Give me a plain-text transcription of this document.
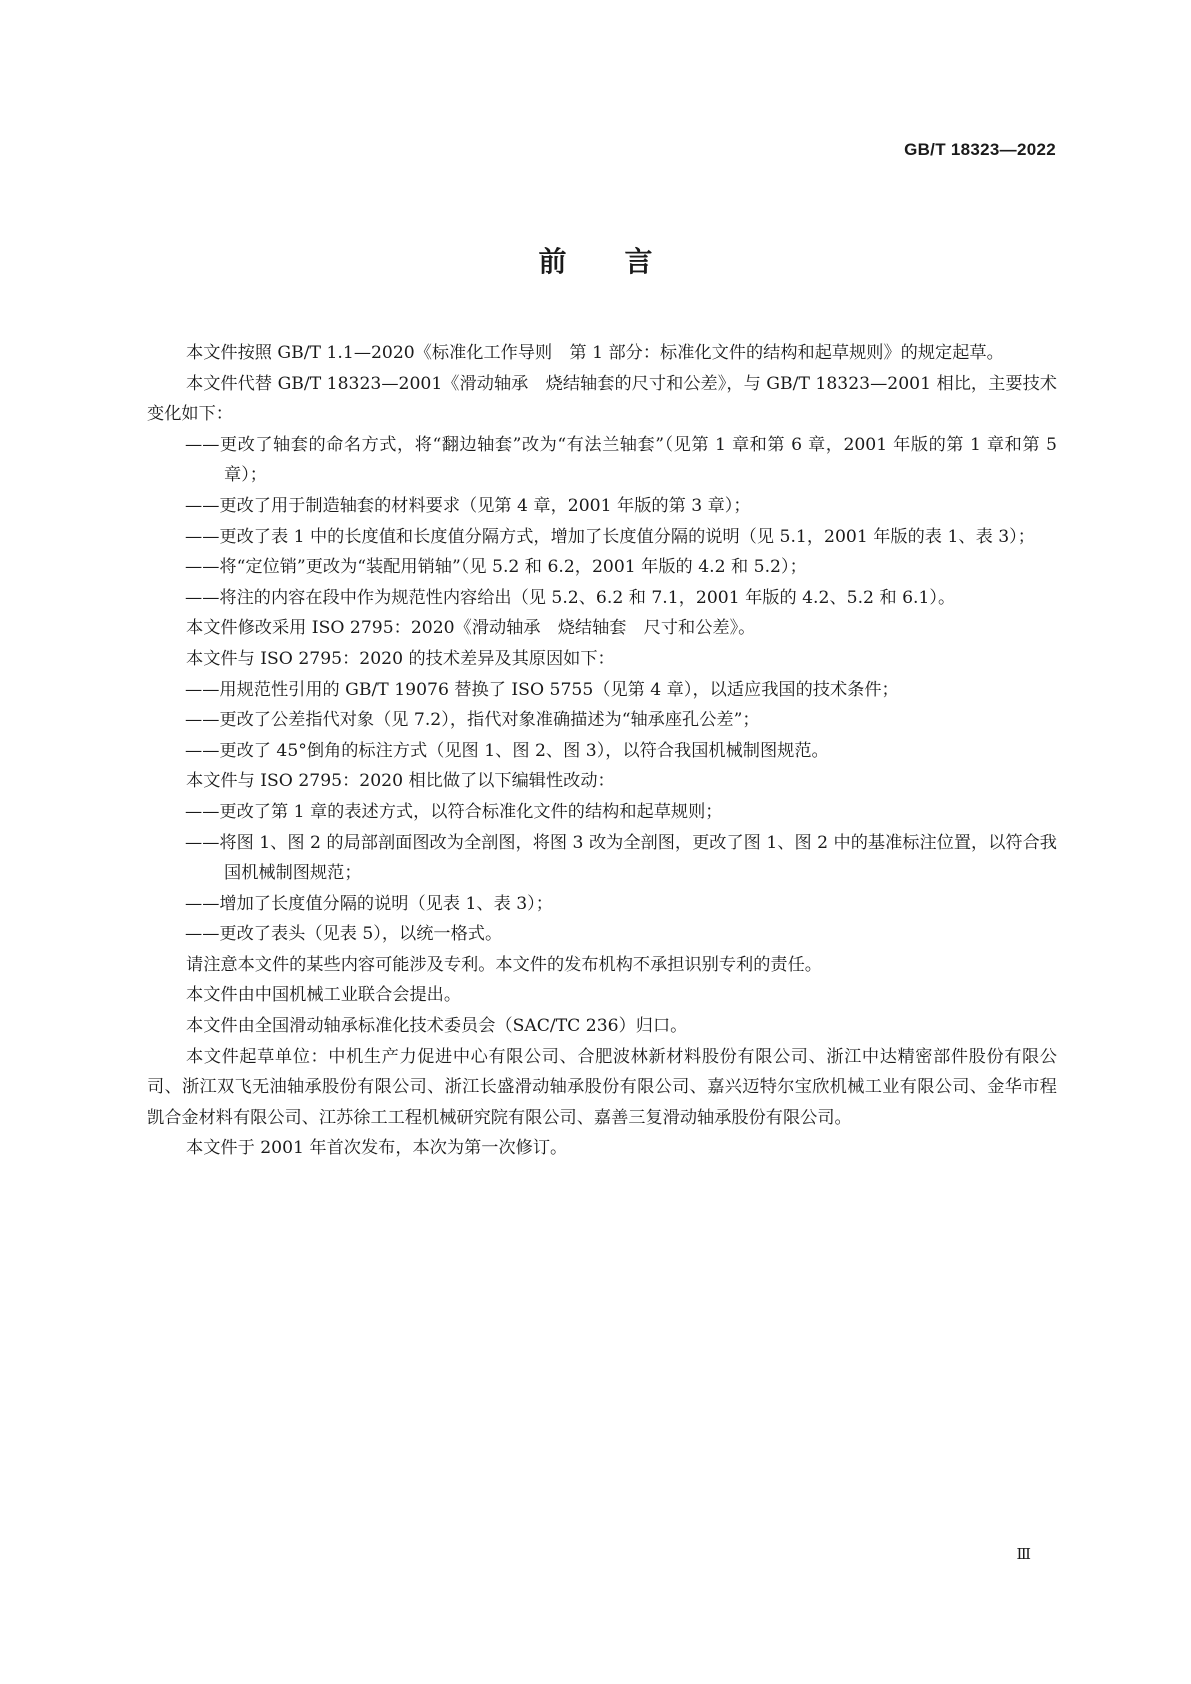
GB/T 18323—2022
前言

本文件按照 GB/T 1.1—2020《标准化工作导则　第 1 部分：标准化文件的结构和起草规则》的规定起草。

本文件代替 GB/T 18323—2001《滑动轴承　烧结轴套的尺寸和公差》，与 GB/T 18323—2001 相比，主要技术变化如下：

——更改了轴套的命名方式，将“翻边轴套”改为“有法兰轴套”（见第 1 章和第 6 章，2001 年版的第 1 章和第 5 章）；

——更改了用于制造轴套的材料要求（见第 4 章，2001 年版的第 3 章）；

——更改了表 1 中的长度值和长度值分隔方式，增加了长度值分隔的说明（见 5.1，2001 年版的表 1、表 3）；

——将“定位销”更改为“装配用销轴”（见 5.2 和 6.2，2001 年版的 4.2 和 5.2）；

——将注的内容在段中作为规范性内容给出（见 5.2、6.2 和 7.1，2001 年版的 4.2、5.2 和 6.1）。

本文件修改采用 ISO 2795：2020《滑动轴承　烧结轴套　尺寸和公差》。

本文件与 ISO 2795：2020 的技术差异及其原因如下：

——用规范性引用的 GB/T 19076 替换了 ISO 5755（见第 4 章），以适应我国的技术条件；

——更改了公差指代对象（见 7.2），指代对象准确描述为“轴承座孔公差”；

——更改了 45°倒角的标注方式（见图 1、图 2、图 3），以符合我国机械制图规范。

本文件与 ISO 2795：2020 相比做了以下编辑性改动：

——更改了第 1 章的表述方式，以符合标准化文件的结构和起草规则；

——将图 1、图 2 的局部剖面图改为全剖图，将图 3 改为全剖图，更改了图 1、图 2 中的基准标注位置，以符合我国机械制图规范；

——增加了长度值分隔的说明（见表 1、表 3）；

——更改了表头（见表 5），以统一格式。

请注意本文件的某些内容可能涉及专利。本文件的发布机构不承担识别专利的责任。

本文件由中国机械工业联合会提出。

本文件由全国滑动轴承标准化技术委员会（SAC/TC 236）归口。

本文件起草单位：中机生产力促进中心有限公司、合肥波林新材料股份有限公司、浙江中达精密部件股份有限公司、浙江双飞无油轴承股份有限公司、浙江长盛滑动轴承股份有限公司、嘉兴迈特尔宝欣机械工业有限公司、金华市程凯合金材料有限公司、江苏徐工工程机械研究院有限公司、嘉善三复滑动轴承股份有限公司。

本文件于 2001 年首次发布，本次为第一次修订。

Ⅲ
